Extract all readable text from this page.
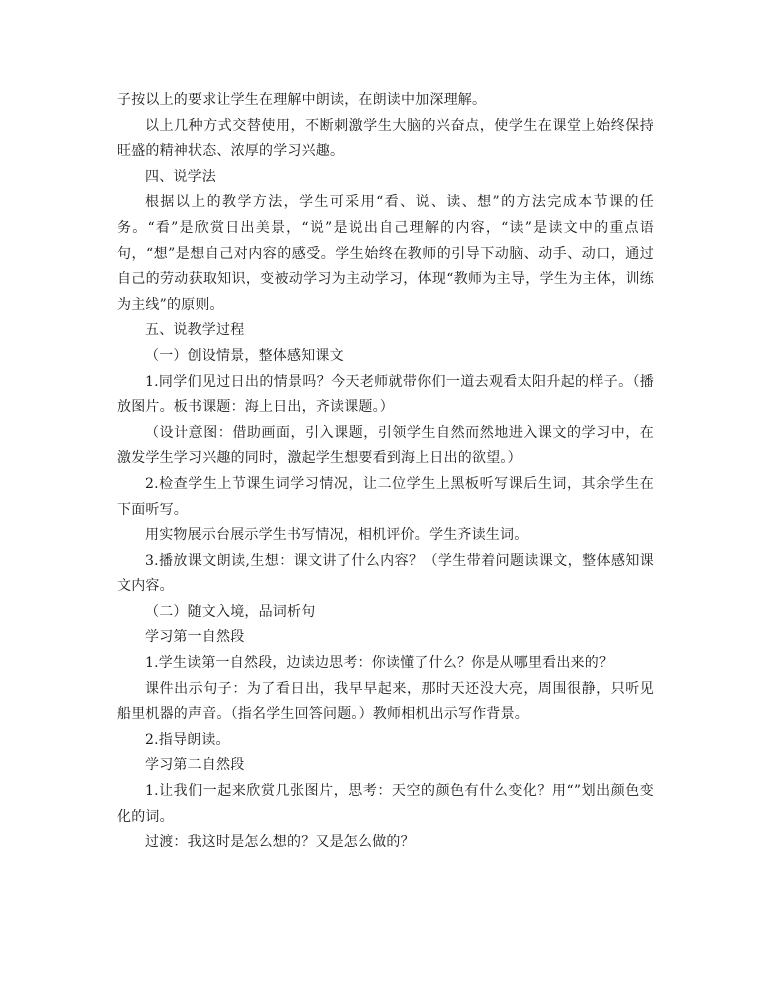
子按以上的要求让学生在理解中朗读，在朗读中加深理解。

以上几种方式交替使用，不断刺激学生大脑的兴奋点，使学生在课堂上始终保持旺盛的精神状态、浓厚的学习兴趣。

四、说学法

根据以上的教学方法，学生可采用“看、说、读、想”的方法完成本节课的任务。“看”是欣赏日出美景，“说”是说出自己理解的内容，“读”是读文中的重点语句，“想”是想自己对内容的感受。学生始终在教师的引导下动脑、动手、动口，通过自己的劳动获取知识，变被动学习为主动学习，体现“教师为主导，学生为主体，训练为主线”的原则。

五、说教学过程

（一）创设情景，整体感知课文

1.同学们见过日出的情景吗？今天老师就带你们一道去观看太阳升起的样子。（播放图片。板书课题：海上日出，齐读课题。）

（设计意图：借助画面，引入课题，引领学生自然而然地进入课文的学习中，在激发学生学习兴趣的同时，激起学生想要看到海上日出的欲望。）

2.检查学生上节课生词学习情况，让二位学生上黑板听写课后生词，其余学生在下面听写。

用实物展示台展示学生书写情况，相机评价。学生齐读生词。

3.播放课文朗读,生想：课文讲了什么内容？（学生带着问题读课文，整体感知课文内容。

（二）随文入境，品词析句

学习第一自然段

1.学生读第一自然段，边读边思考：你读懂了什么？你是从哪里看出来的？

课件出示句子：为了看日出，我早早起来，那时天还没大亮，周围很静，只听见船里机器的声音。（指名学生回答问题。）教师相机出示写作背景。

2.指导朗读。

学习第二自然段

1.让我们一起来欣赏几张图片，思考：天空的颜色有什么变化？用“”划出颜色变化的词。

过渡：我这时是怎么想的？又是怎么做的？
